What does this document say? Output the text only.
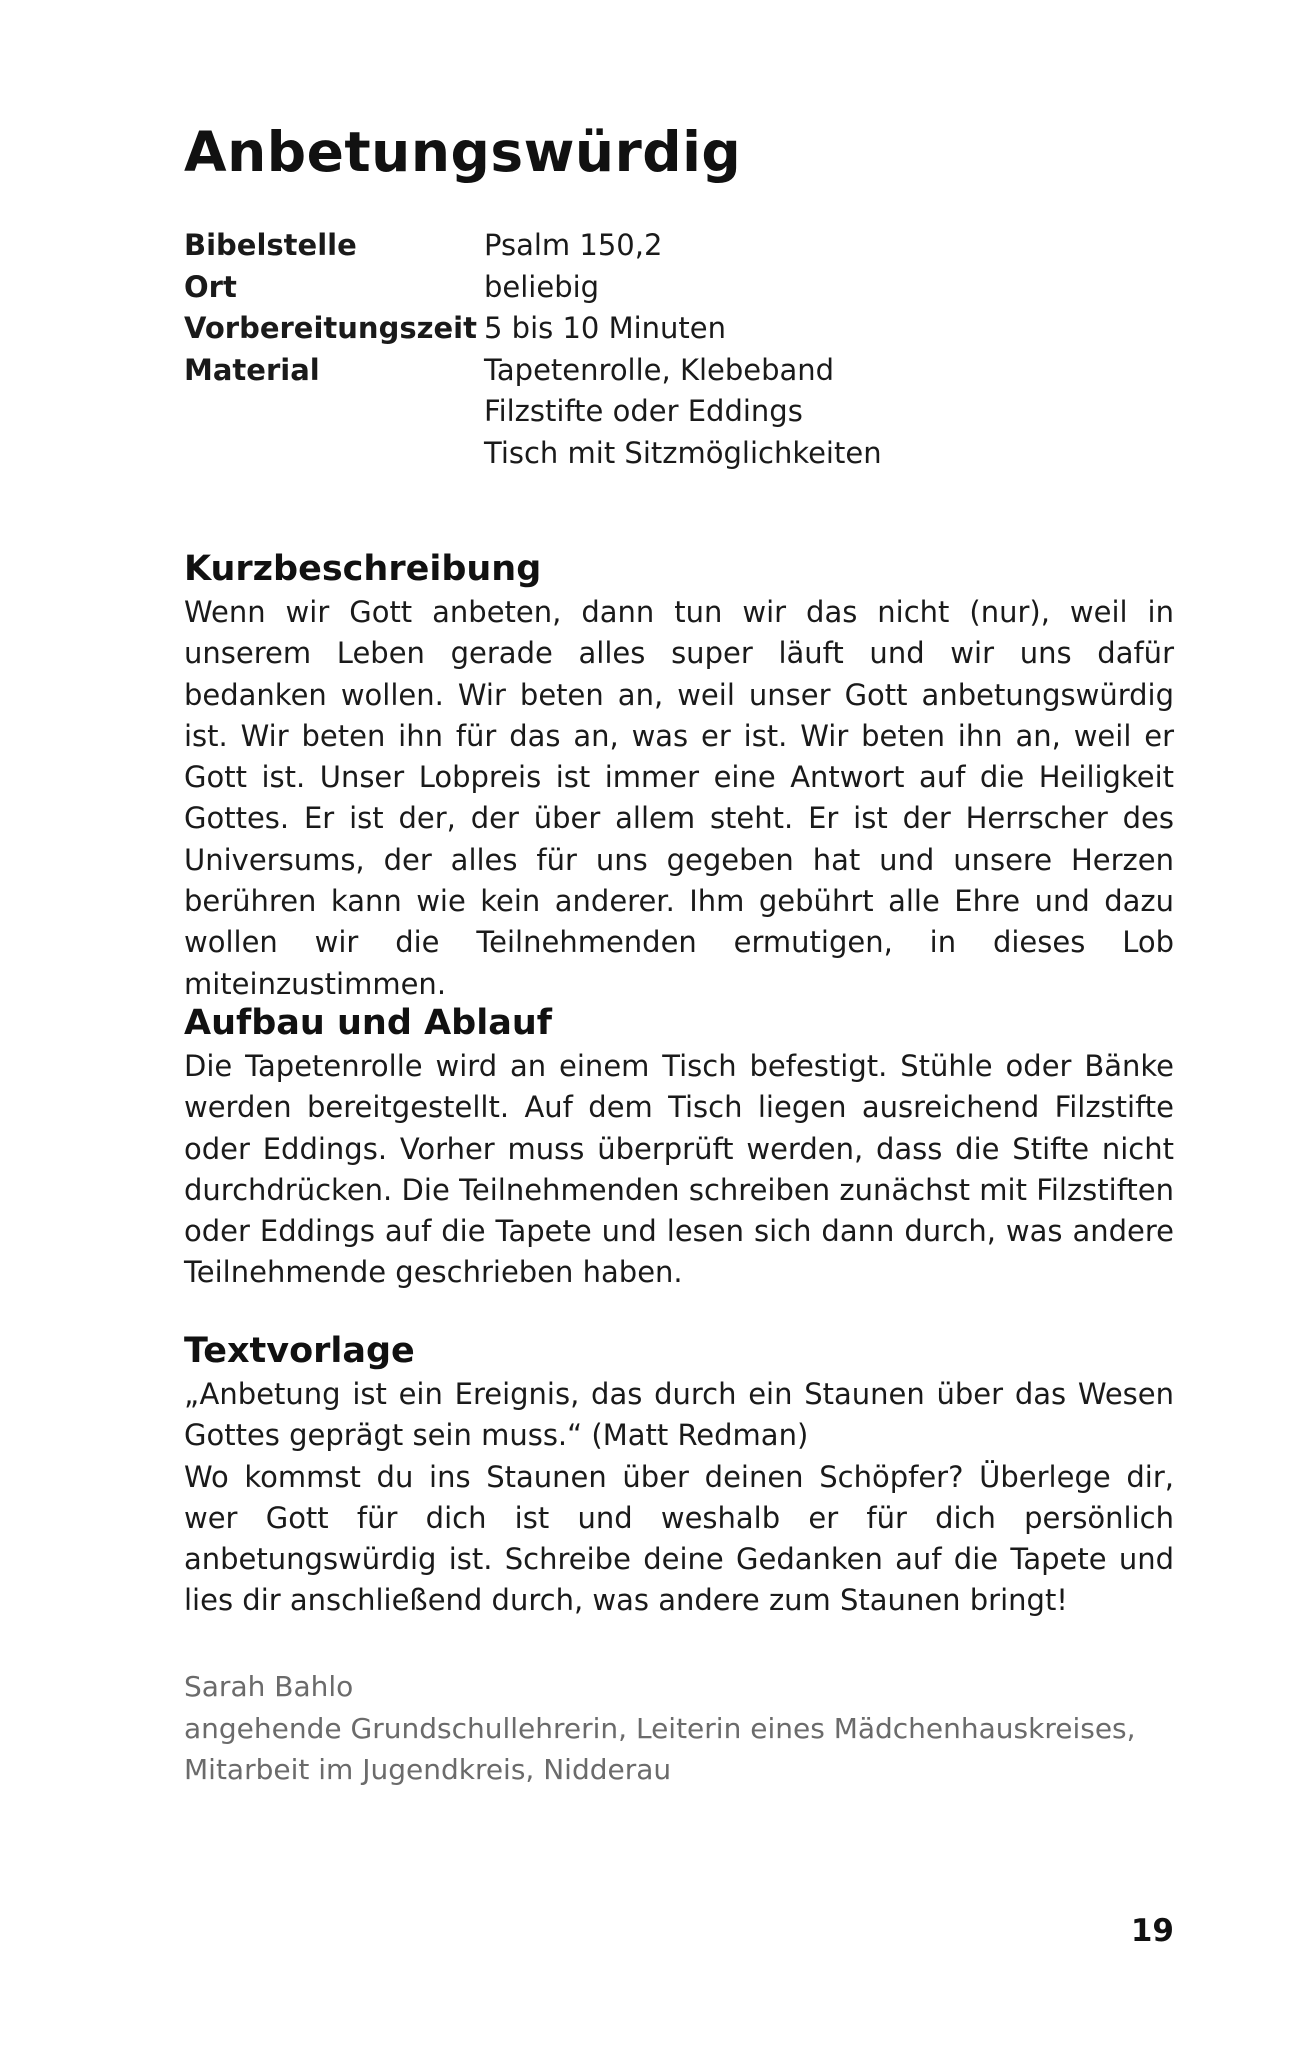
Anbetungswürdig
Bibelstelle	Psalm 150,2
Ort	beliebig
Vorbereitungszeit 5 bis 10 Minuten
Material	Tapetenrolle, Klebeband
Filzstifte oder Eddings
Tisch mit Sitzmöglichkeiten
Kurzbeschreibung

Wenn wir Gott anbeten, dann tun wir das nicht (nur), weil in unserem Leben gerade alles super läuft und wir uns dafür bedanken wollen. Wir beten an, weil unser Gott anbetungswürdig ist. Wir beten ihn für das an, was er ist. Wir beten ihn an, weil er Gott ist. Unser Lobpreis ist immer eine Antwort auf die Heiligkeit Gottes. Er ist der, der über allem steht. Er ist der Herrscher des Universums, der alles für uns gegeben hat und unsere Herzen berühren kann wie kein anderer. Ihm gebührt alle Ehre und dazu wollen wir die Teilnehmenden ermutigen, in dieses Lob miteinzustimmen.

Aufbau und Ablauf

Die Tapetenrolle wird an einem Tisch befestigt. Stühle oder Bänke werden bereitgestellt. Auf dem Tisch liegen ausreichend Filzstifte oder Eddings. Vorher muss überprüft werden, dass die Stifte nicht durchdrücken. Die Teilnehmenden schreiben zunächst mit Filzstiften oder Eddings auf die Tapete und lesen sich dann durch, was andere Teilnehmende geschrieben haben.

Textvorlage

„Anbetung ist ein Ereignis, das durch ein Staunen über das Wesen Gottes geprägt sein muss.“ (Matt Redman)

Wo kommst du ins Staunen über deinen Schöpfer? Überlege dir, wer Gott für dich ist und weshalb er für dich persönlich anbetungswürdig ist. Schreibe deine Gedanken auf die Tapete und lies dir anschließend durch, was andere zum Staunen bringt!

Sarah Bahlo
angehende Grundschullehrerin, Leiterin eines Mädchenhauskreises,
Mitarbeit im Jugendkreis, Nidderau
19
